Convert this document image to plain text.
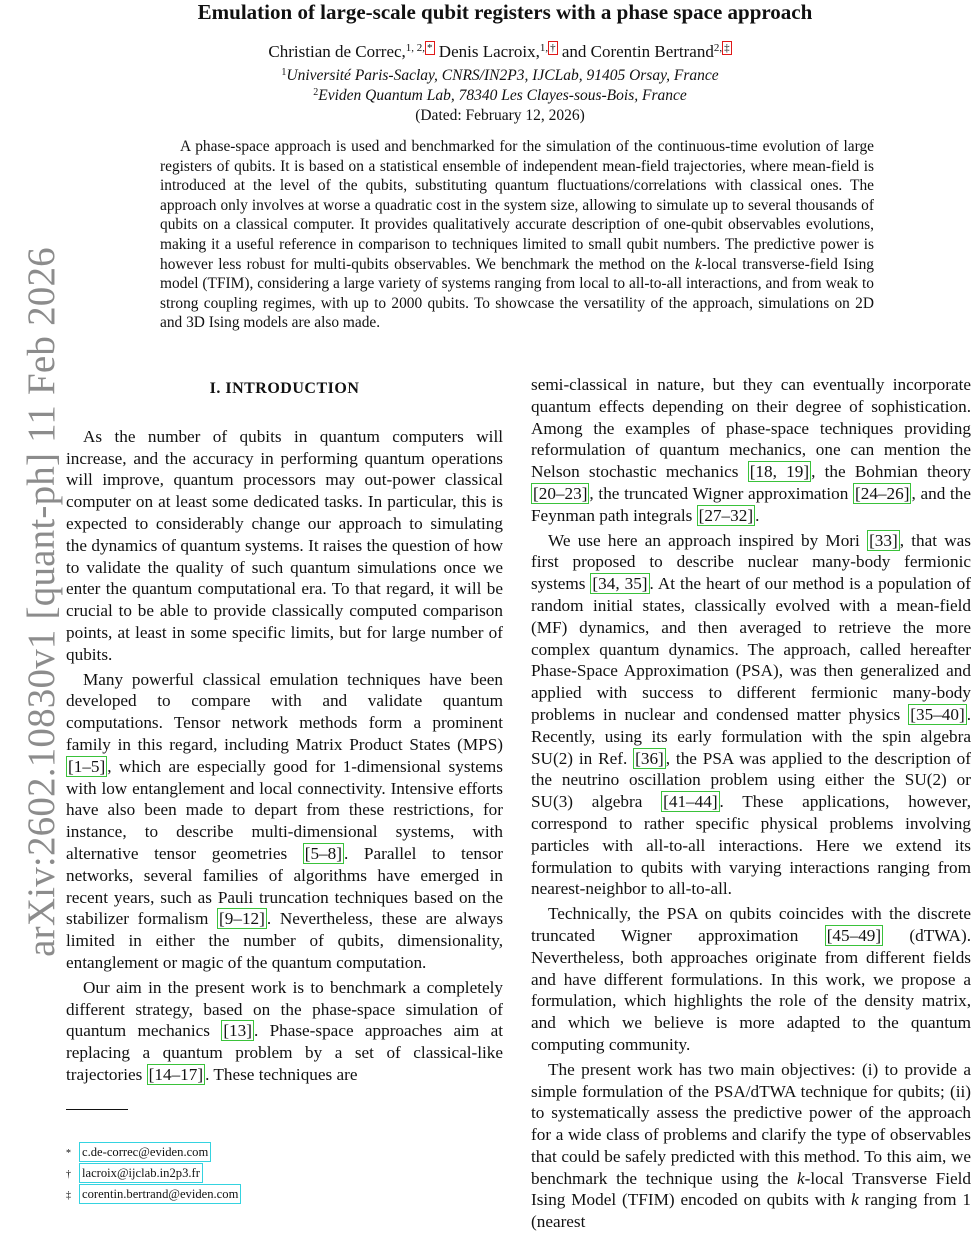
arXiv:2602.10830v1 [quant-ph] 11 Feb 2026
Emulation of large-scale qubit registers with a phase space approach
Christian de Correc,$^{1, 2, *}$ Denis Lacroix,$^{1, \dagger}$ and Corentin Bertrand$^{2, \ddagger}$
$^1$Université Paris-Saclay, CNRS/IN2P3, IJCLab, 91405 Orsay, France
$^2$Eviden Quantum Lab, 78340 Les Clayes-sous-Bois, France
(Dated: February 12, 2026)

A phase-space approach is used and benchmarked for the simulation of the continuous-time evolution of large registers of qubits. It is based on a statistical ensemble of independent mean-field trajectories, where mean-field is introduced at the level of the qubits, substituting quantum fluctuations/correlations with classical ones. The approach only involves at worse a quadratic cost in the system size, allowing to simulate up to several thousands of qubits on a classical computer. It provides qualitatively accurate description of one-qubit observables evolutions, making it a useful reference in comparison to techniques limited to small qubit numbers. The predictive power is however less robust for multi-qubits observables. We benchmark the method on the k-local transverse-field Ising model (TFIM), considering a large variety of systems ranging from local to all-to-all interactions, and from weak to strong coupling regimes, with up to 2000 qubits. To showcase the versatility of the approach, simulations on 2D and 3D Ising models are also made.

I. INTRODUCTION

As the number of qubits in quantum computers will increase, and the accuracy in performing quantum operations will improve, quantum processors may out-power classical computer on at least some dedicated tasks. In particular, this is expected to considerably change our approach to simulating the dynamics of quantum systems. It raises the question of how to validate the quality of such quantum simulations once we enter the quantum computational era. To that regard, it will be crucial to be able to provide classically computed comparison points, at least in some specific limits, but for large number of qubits.

Many powerful classical emulation techniques have been developed to compare with and validate quantum computations. Tensor network methods form a prominent family in this regard, including Matrix Product States (MPS) [1–5] , which are especially good for 1-dimensional systems with low entanglement and local connectivity. Intensive efforts have also been made to depart from these restrictions, for instance, to describe multi-dimensional systems, with alternative tensor geometries [5–8] . Parallel to tensor networks, several families of algorithms have emerged in recent years, such as Pauli truncation techniques based on the stabilizer formalism [9–12] . Nevertheless, these are always limited in either the number of qubits, dimensionality, entanglement or magic of the quantum computation.

Our aim in the present work is to benchmark a completely different strategy, based on the phase-space simulation of quantum mechanics [13] . Phase-space approaches aim at replacing a quantum problem by a set of classical-like trajectories [14–17] . These techniques are

semi-classical in nature, but they can eventually incorporate quantum effects depending on their degree of sophistication. Among the examples of phase-space techniques providing reformulation of quantum mechanics, one can mention the Nelson stochastic mechanics [18, 19] , the Bohmian theory [20–23] , the truncated Wigner approximation [24–26] , and the Feynman path integrals [27–32] .

We use here an approach inspired by Mori [33] , that was first proposed to describe nuclear many-body fermionic systems [34, 35] . At the heart of our method is a population of random initial states, classically evolved with a mean-field (MF) dynamics, and then averaged to retrieve the more complex quantum dynamics. The approach, called hereafter Phase-Space Approximation (PSA), was then generalized and applied with success to different fermionic many-body problems in nuclear and condensed matter physics [35–40] . Recently, using its early formulation with the spin algebra SU(2) in Ref. [36] , the PSA was applied to the description of the neutrino oscillation problem using either the SU(2) or SU(3) algebra [41–44] . These applications, however, correspond to rather specific physical problems involving particles with all-to-all interactions. Here we extend its formulation to qubits with varying interactions ranging from nearest-neighbor to all-to-all.

Technically, the PSA on qubits coincides with the discrete truncated Wigner approximation [45–49] (dTWA). Nevertheless, both approaches originate from different fields and have different formulations. In this work, we propose a formulation, which highlights the role of the density matrix, and which we believe is more adapted to the quantum computing community.

The present work has two main objectives: (i) to provide a simple formulation of the PSA/dTWA technique for qubits; (ii) to systematically assess the predictive power of the approach for a wide class of problems and clarify the type of observables that could be safely predicted with this method. To this aim, we benchmark the technique using the k-local Transverse Field Ising Model (TFIM) encoded on qubits with k ranging from 1 (nearest

* c.de-correc@eviden.com
† lacroix@ijclab.in2p3.fr
‡ corentin.bertrand@eviden.com
